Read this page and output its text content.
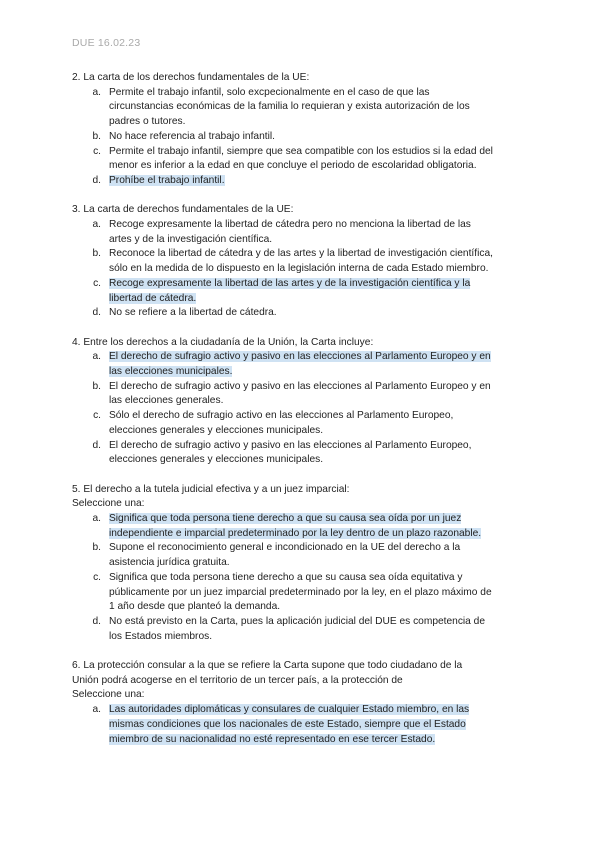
DUE 16.02.23
2. La carta de los derechos fundamentales de la UE:
a. Permite el trabajo infantil, solo excpecionalmente en el caso de que las
circunstancias económicas de la familia lo requieran y exista autorización de los
padres o tutores.
b. No hace referencia al trabajo infantil.
c. Permite el trabajo infantil, siempre que sea compatible con los estudios si la edad del
menor es inferior a la edad en que concluye el periodo de escolaridad obligatoria.
d. Prohíbe el trabajo infantil.
3. La carta de derechos fundamentales de la UE:
a. Recoge expresamente la libertad de cátedra pero no menciona la libertad de las
artes y de la investigación científica.
b. Reconoce la libertad de cátedra y de las artes y la libertad de investigación científica,
sólo en la medida de lo dispuesto en la legislación interna de cada Estado miembro.
c. Recoge expresamente la libertad de las artes y de la investigación científica y la
libertad de cátedra.
d. No se refiere a la libertad de cátedra.
4. Entre los derechos a la ciudadanía de la Unión, la Carta incluye:
a. El derecho de sufragio activo y pasivo en las elecciones al Parlamento Europeo y en
las elecciones municipales.
b. El derecho de sufragio activo y pasivo en las elecciones al Parlamento Europeo y en
las elecciones generales.
c. Sólo el derecho de sufragio activo en las elecciones al Parlamento Europeo,
elecciones generales y elecciones municipales.
d. El derecho de sufragio activo y pasivo en las elecciones al Parlamento Europeo,
elecciones generales y elecciones municipales.
5. El derecho a la tutela judicial efectiva y a un juez imparcial:
Seleccione una:
a. Significa que toda persona tiene derecho a que su causa sea oída por un juez
independiente e imparcial predeterminado por la ley dentro de un plazo razonable.
b. Supone el reconocimiento general e incondicionado en la UE del derecho a la
asistencia jurídica gratuita.
c. Significa que toda persona tiene derecho a que su causa sea oída equitativa y
públicamente por un juez imparcial predeterminado por la ley, en el plazo máximo de
1 año desde que planteó la demanda.
d. No está previsto en la Carta, pues la aplicación judicial del DUE es competencia de
los Estados miembros.
6. La protección consular a la que se refiere la Carta supone que todo ciudadano de la
Unión podrá acogerse en el territorio de un tercer país, a la protección de
Seleccione una:
a. Las autoridades diplomáticas y consulares de cualquier Estado miembro, en las
mismas condiciones que los nacionales de este Estado, siempre que el Estado
miembro de su nacionalidad no esté representado en ese tercer Estado.
